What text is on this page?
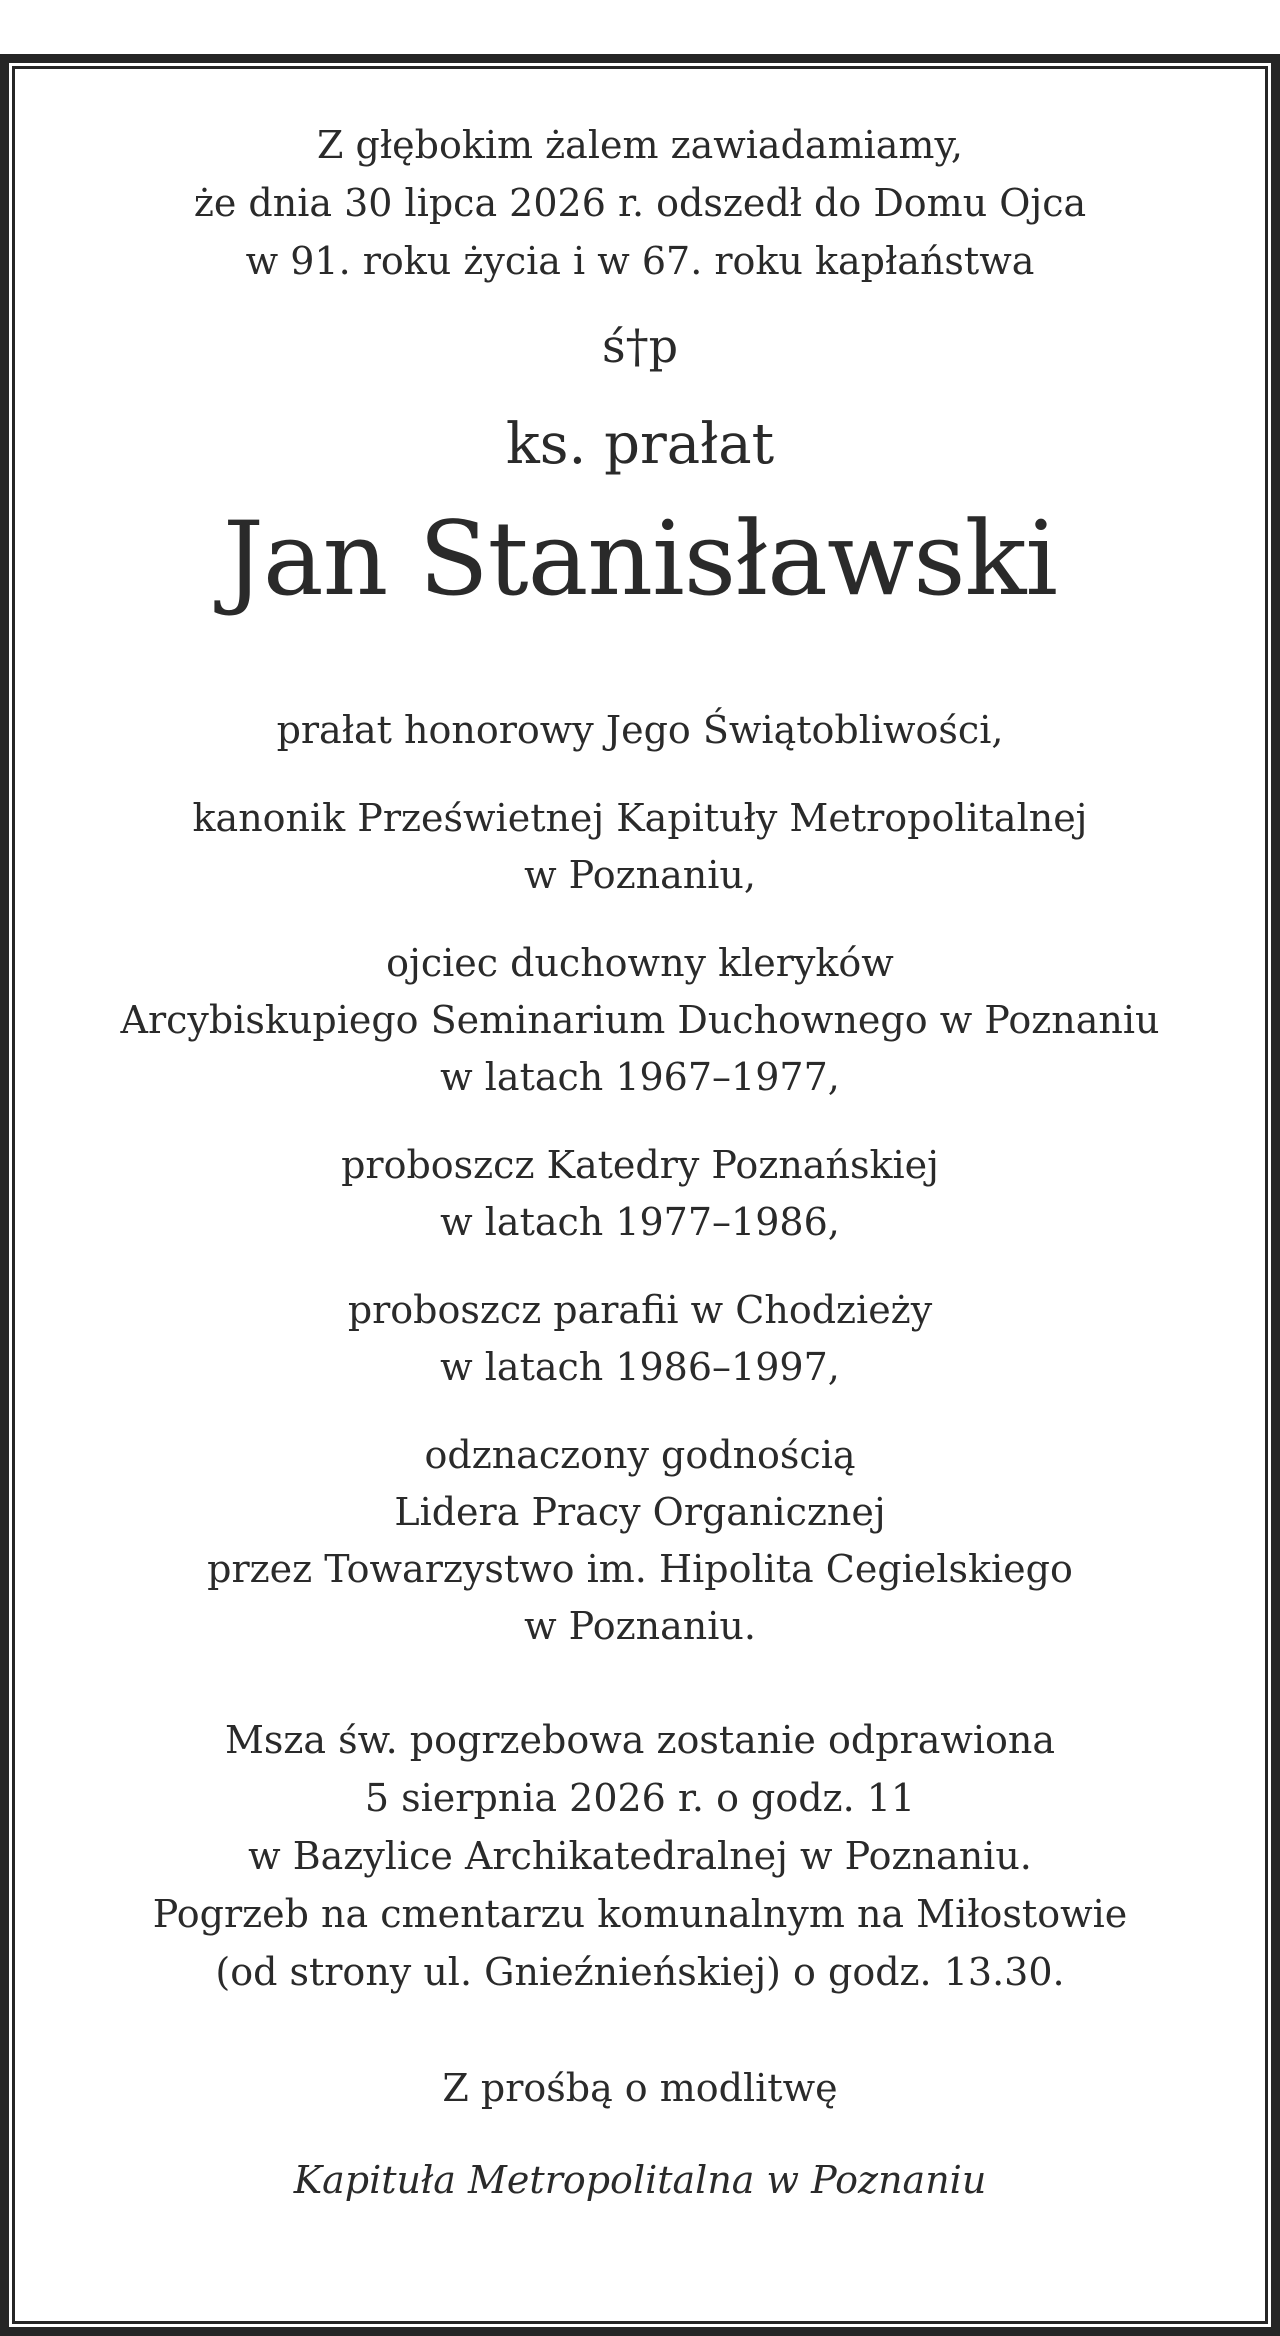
Z głębokim żalem zawiadamiamy,
że dnia 30 lipca 2026 r. odszedł do Domu Ojca
w 91. roku życia i w 67. roku kapłaństwa
ś†p
ks. prałat
Jan Stanisławski
prałat honorowy Jego Świątobliwości,
kanonik Prześwietnej Kapituły Metropolitalnej
w Poznaniu,
ojciec duchowny kleryków
Arcybiskupiego Seminarium Duchownego w Poznaniu
w latach 1967–1977,
proboszcz Katedry Poznańskiej
w latach 1977–1986,
proboszcz parafii w Chodzieży
w latach 1986–1997,
odznaczony godnością
Lidera Pracy Organicznej
przez Towarzystwo im. Hipolita Cegielskiego
w Poznaniu.
Msza św. pogrzebowa zostanie odprawiona
5 sierpnia 2026 r. o godz. 11
w Bazylice Archikatedralnej w Poznaniu.
Pogrzeb na cmentarzu komunalnym na Miłostowie
(od strony ul. Gnieźnieńskiej) o godz. 13.30.
Z prośbą o modlitwę
Kapituła Metropolitalna w Poznaniu
